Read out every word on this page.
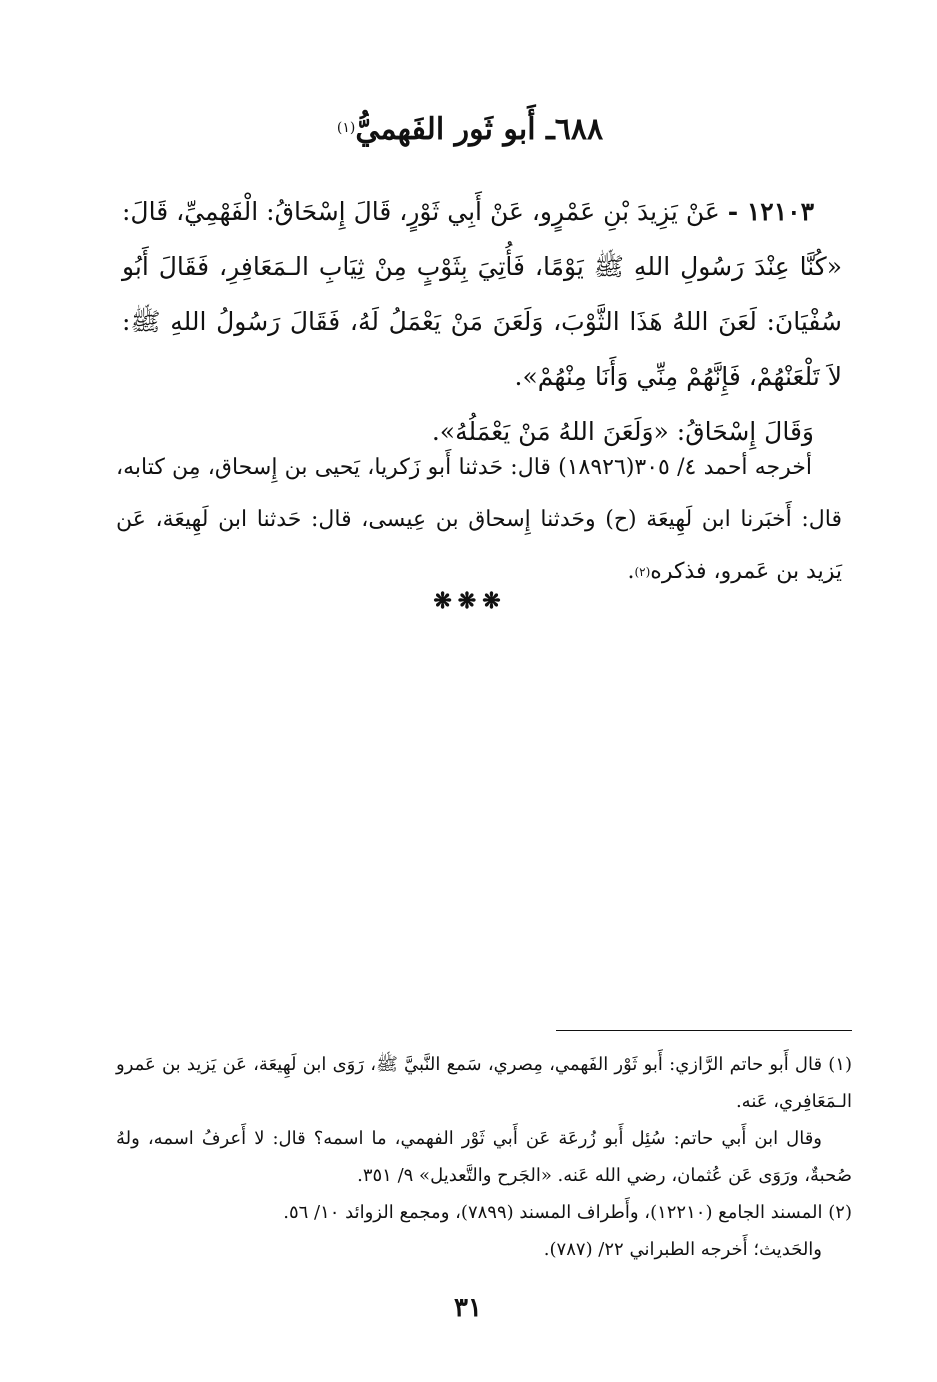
٦٨٨ـ أَبو ثَور الفَهميُّ$^{(١)}$

١٢١٠٣ - عَنْ يَزِيدَ بْنِ عَمْرٍو، عَنْ أَبِي ثَوْرٍ، قَالَ إِسْحَاقُ: الْفَهْمِيِّ، قَالَ: «كُنَّا عِنْدَ رَسُولِ اللهِ ﷺ يَوْمًا، فَأُتِيَ بِثَوْبٍ مِنْ ثِيَابِ الـمَعَافِرِ، فَقَالَ أَبُو سُفْيَانَ: لَعَنَ اللهُ هَذَا الثَّوْبَ، وَلَعَنَ مَنْ يَعْمَلُ لَهُ، فَقَالَ رَسُولُ اللهِ ﷺ: لاَ تَلْعَنْهُمْ، فَإِنَّهُمْ مِنِّي وَأَنَا مِنْهُمْ».

وَقَالَ إِسْحَاقُ: «وَلَعَنَ اللهُ مَنْ يَعْمَلُهُ».

أخرجه أحمد ٤/ ٣٠٥(١٨٩٢٦) قال: حَدثنا أَبو زَكريا، يَحيى بن إِسحاق، مِن كتابه، قال: أَخبَرنا ابن لَهِيعَة (ح) وحَدثنا إِسحاق بن عِيسى، قال: حَدثنا ابن لَهِيعَة، عَن يَزيد بن عَمرو، فذكره$^{(٢)}$.

❋❋❋

(١) قال أَبو حاتم الرَّازي: أَبو ثَوْر الفَهمي، مِصري، سَمع النَّبيَّ ﷺ، رَوَى ابن لَهِيعَة، عَن يَزيد بن عَمرو الـمَعَافِري، عَنه.

وقال ابن أَبي حاتم: سُئِل أَبو زُرعَة عَن أَبي ثَوْر الفهمي، ما اسمه؟ قال: لا أَعرفُ اسمه، ولهُ صُحبةٌ، ورَوَى عَن عُثمان، رضي الله عَنه. «الجَرح والتَّعديل» ٩/ ٣٥١.

(٢) المسند الجامع (١٢٢١٠)، وأَطراف المسند (٧٨٩٩)، ومجمع الزوائد ١٠/ ٥٦.

والحَديث؛ أَخرجه الطبراني ٢٢/ (٧٨٧).

٣١
